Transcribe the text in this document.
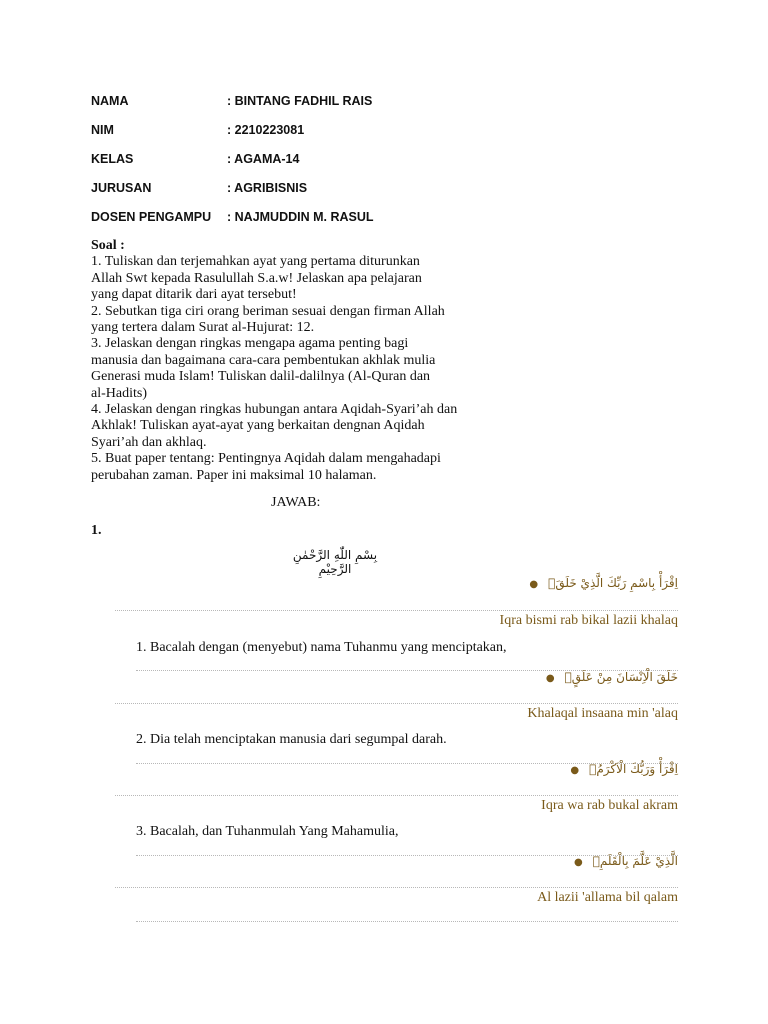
NAMA	: BINTANG FADHIL RAIS
NIM	: 2210223081
KELAS	: AGAMA-14
JURUSAN	: AGRIBISNIS
DOSEN PENGAMPU : NAJMUDDIN M. RASUL
Soal :
1. Tuliskan dan terjemahkan ayat yang pertama diturunkan
Allah Swt kepada Rasulullah S.a.w! Jelaskan apa pelajaran
yang dapat ditarik dari ayat tersebut!
2. Sebutkan tiga ciri orang beriman sesuai dengan firman Allah
yang tertera dalam Surat al-Hujurat: 12.
3. Jelaskan dengan ringkas mengapa agama penting bagi
manusia dan bagaimana cara-cara pembentukan akhlak mulia
Generasi muda Islam! Tuliskan dalil-dalilnya (Al-Quran dan
al-Hadits)
4. Jelaskan dengan ringkas hubungan antara Aqidah-Syari’ah dan
Akhlak! Tuliskan ayat-ayat yang berkaitan dengnan Aqidah
Syari’ah dan akhlaq.
5. Buat paper tentang: Pentingnya Aqidah dalam mengahadapi
perubahan zaman. Paper ini maksimal 10 halaman.
JAWAB:
1.
بِسْمِ اللّٰهِ الرَّحْمٰنِ الرَّحِيْمِ
اِقْرَأْ بِاسْمِ رَبِّكَ الَّذِيْ خَلَقَۚ●
Iqra bismi rab bikal lazii khalaq
1. Bacalah dengan (menyebut) nama Tuhanmu yang menciptakan,
خَلَقَ الْاِنْسَانَ مِنْ عَلَقٍۚ●
Khalaqal insaana min 'alaq
2. Dia telah menciptakan manusia dari segumpal darah.
اِقْرَأْ وَرَبُّكَ الْاَكْرَمُۙ●
Iqra wa rab bukal akram
3. Bacalah, dan Tuhanmulah Yang Mahamulia,
الَّذِيْ عَلَّمَ بِالْقَلَمِۙ●
Al lazii 'allama bil qalam
